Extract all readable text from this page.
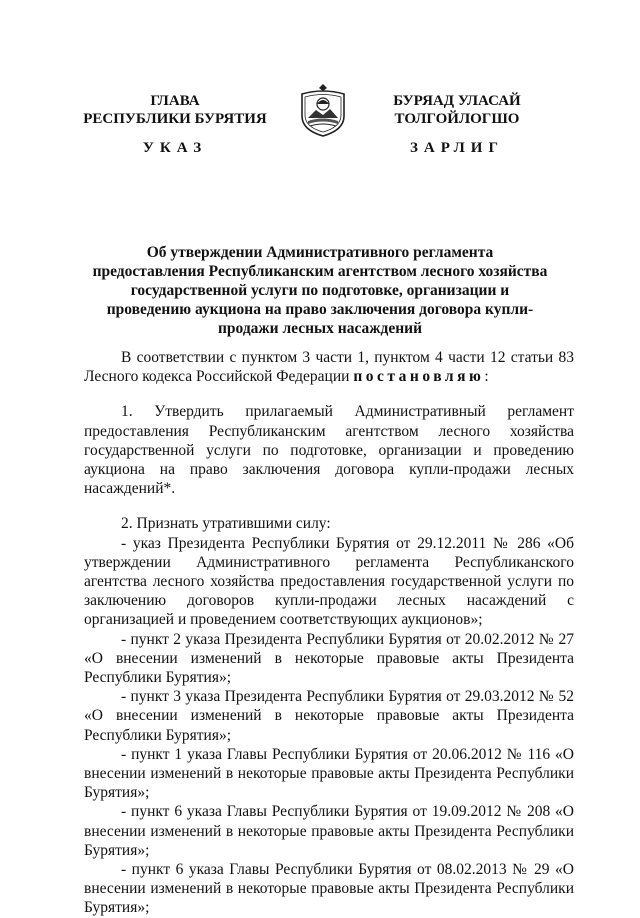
ГЛАВА
РЕСПУБЛИКИ БУРЯТИЯ
БУРЯАД УЛАСАЙ
ТОЛГОЙЛОГШО
УКАЗ	ЗАРЛИГ
Об утверждении Административного регламента предоставления Республиканским агентством лесного хозяйства государственной услуги по подготовке, организации и проведению аукциона на право заключения договора купли-продажи лесных насаждений

В соответствии с пунктом 3 части 1, пунктом 4 части 12 статьи 83 Лесного кодекса Российской Федерации постановляю:

1. Утвердить прилагаемый Административный регламент предоставления Республиканским агентством лесного хозяйства государственной услуги по подготовке, организации и проведению аукциона на право заключения договора купли-продажи лесных насаждений*.

2. Признать утратившими силу:

- указ Президента Республики Бурятия от 29.12.2011 № 286 «Об утверждении Административного регламента Республиканского агентства лесного хозяйства предоставления государственной услуги по заключению договоров купли-продажи лесных насаждений с организацией и проведением соответствующих аукционов»;

- пункт 2 указа Президента Республики Бурятия от 20.02.2012 № 27 «О внесении изменений в некоторые правовые акты Президента Республики Бурятия»;

- пункт 3 указа Президента Республики Бурятия от 29.03.2012 № 52 «О внесении изменений в некоторые правовые акты Президента Республики Бурятия»;

- пункт 1 указа Главы Республики Бурятия от 20.06.2012 № 116 «О внесении изменений в некоторые правовые акты Президента Республики Бурятия»;

- пункт 6 указа Главы Республики Бурятия от 19.09.2012 № 208 «О внесении изменений в некоторые правовые акты Президента Республики Бурятия»;

- пункт 6 указа Главы Республики Бурятия от 08.02.2013 № 29 «О внесении изменений в некоторые правовые акты Президента Республики Бурятия»;
